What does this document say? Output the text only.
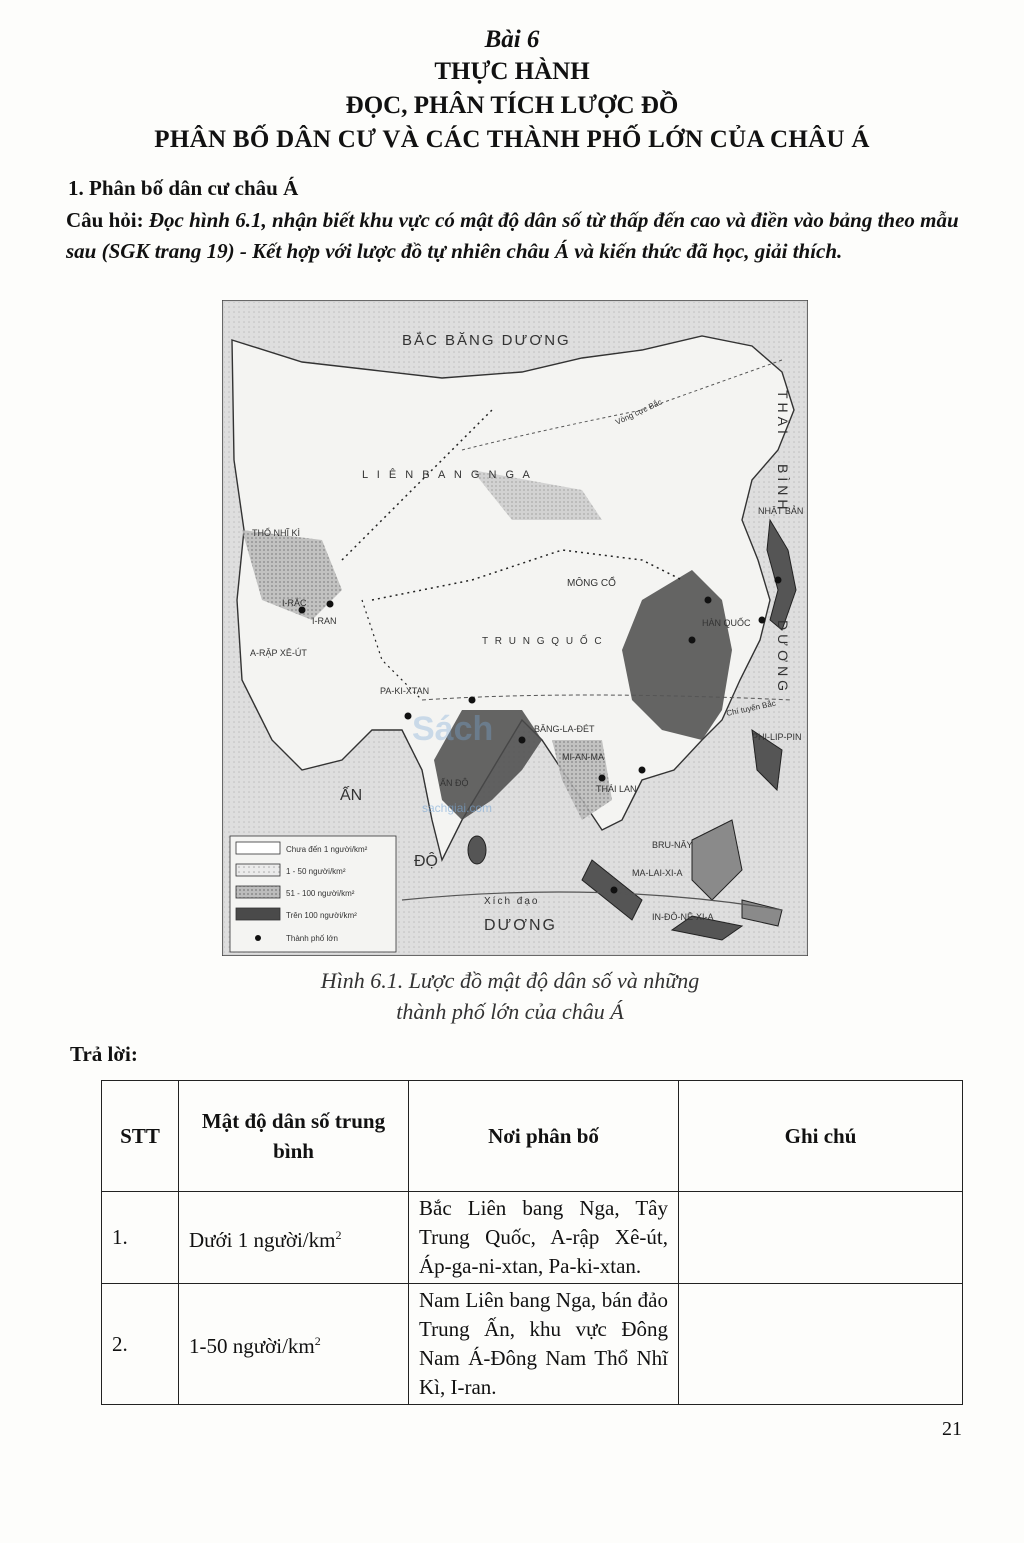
Bài 6
THỰC HÀNH
ĐỌC, PHÂN TÍCH LƯỢC ĐỒ
PHÂN BỐ DÂN CƯ VÀ CÁC THÀNH PHỐ LỚN CỦA CHÂU Á
1. Phân bố dân cư châu Á
Câu hỏi: Đọc hình 6.1, nhận biết khu vực có mật độ dân số từ thấp đến cao và điền vào bảng theo mẫu sau (SGK trang 19) - Kết hợp với lược đồ tự nhiên châu Á và kiến thức đã học, giải thích.
BẮC BĂNG DƯƠNG
Vòng cực Bắc
L I Ê N B A N G N G A
MÔNG CỔ
T R U N G Q U Ố C
THỔ NHĨ KÌ
I-RẮC
I-RAN
A-RẬP XÊ-ÚT
PA-KI-XTAN
ẤN ĐỘ
BĂNG-LA-ĐÉT
MI-AN-MA
THÁI LAN
NHẬT BẢN
HÀN QUỐC
PHI-LIP-PIN
BRU-NÂY
MA-LAI-XI-A
IN-ĐÔ-NÊ-XI-A
Chí tuyến Bắc
Xích đạo
THÁI
BÌNH
DƯƠNG
ẤN
ĐỘ
DƯƠNG
Sách
sachgiai.com
Chưa đến 1 người/km²
1 - 50 người/km²
51 - 100 người/km²
Trên 100 người/km²
Thành phố lớn
Hình 6.1. Lược đồ mật độ dân số và những
thành phố lớn của châu Á
Trả lời:
STT	Mật độ dân số trung bình	Nơi phân bố	Ghi chú
1.	Dưới 1 người/$km^2$	Bắc Liên bang Nga, Tây Trung Quốc, A-rập Xê-út, Áp-ga-ni-xtan, Pa-ki-xtan.	
2.	1-50 người/$km^2$	Nam Liên bang Nga, bán đảo Trung Ấn, khu vực Đông Nam Á-Đông Nam Thổ Nhĩ Kì, I-ran.	
21
